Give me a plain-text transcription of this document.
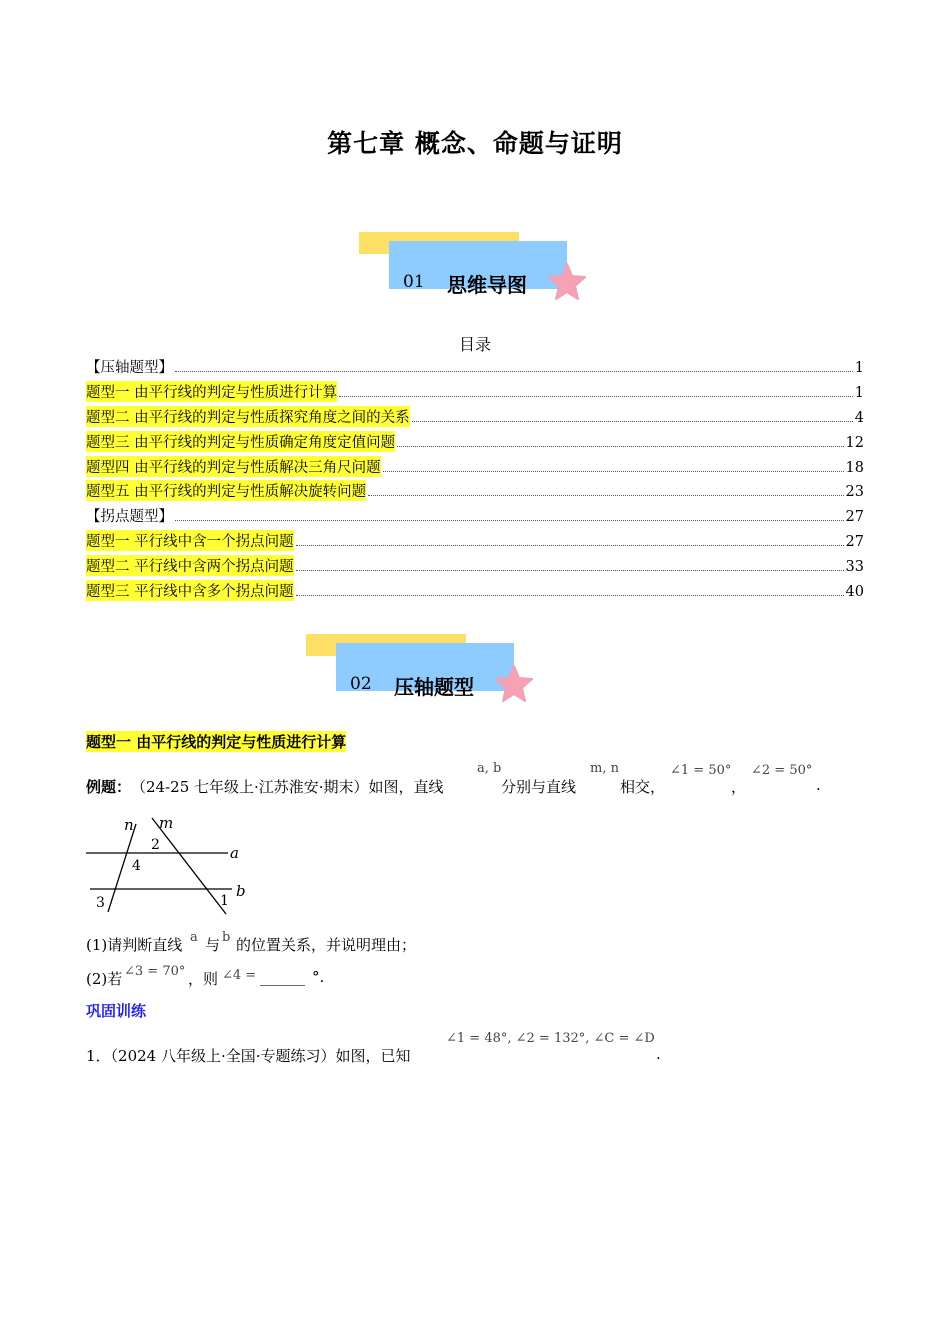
第七章 概念、命题与证明
01 思维导图
目录
【压轴题型】	1
题型一 由平行线的判定与性质进行计算	1
题型二 由平行线的判定与性质探究角度之间的关系	4
题型三 由平行线的判定与性质确定角度定值问题	12
题型四 由平行线的判定与性质解决三角尺问题	18
题型五 由平行线的判定与性质解决旋转问题	23
【拐点题型】	27
题型一 平行线中含一个拐点问题	27
题型二 平行线中含两个拐点问题	33
题型三 平行线中含多个拐点问题	40
02 压轴题型
题型一 由平行线的判定与性质进行计算
例题： （24-25 七年级上·江苏淮安·期末）如图，直线
a, b
分别与直线
m, n
相交，
∠1 = 50°
，
∠2 = 50°
.
n m
a
b
2
4
3	1
(1)请判断直线 a 与 b 的位置关系，并说明理由；
(2)若 ∠3 = 70° ，则 ∠4 = ______ °.
巩固训练
1．（2024 八年级上·全国·专题练习）如图，已知
∠1 = 48°, ∠2 = 132°, ∠C = ∠D
.
